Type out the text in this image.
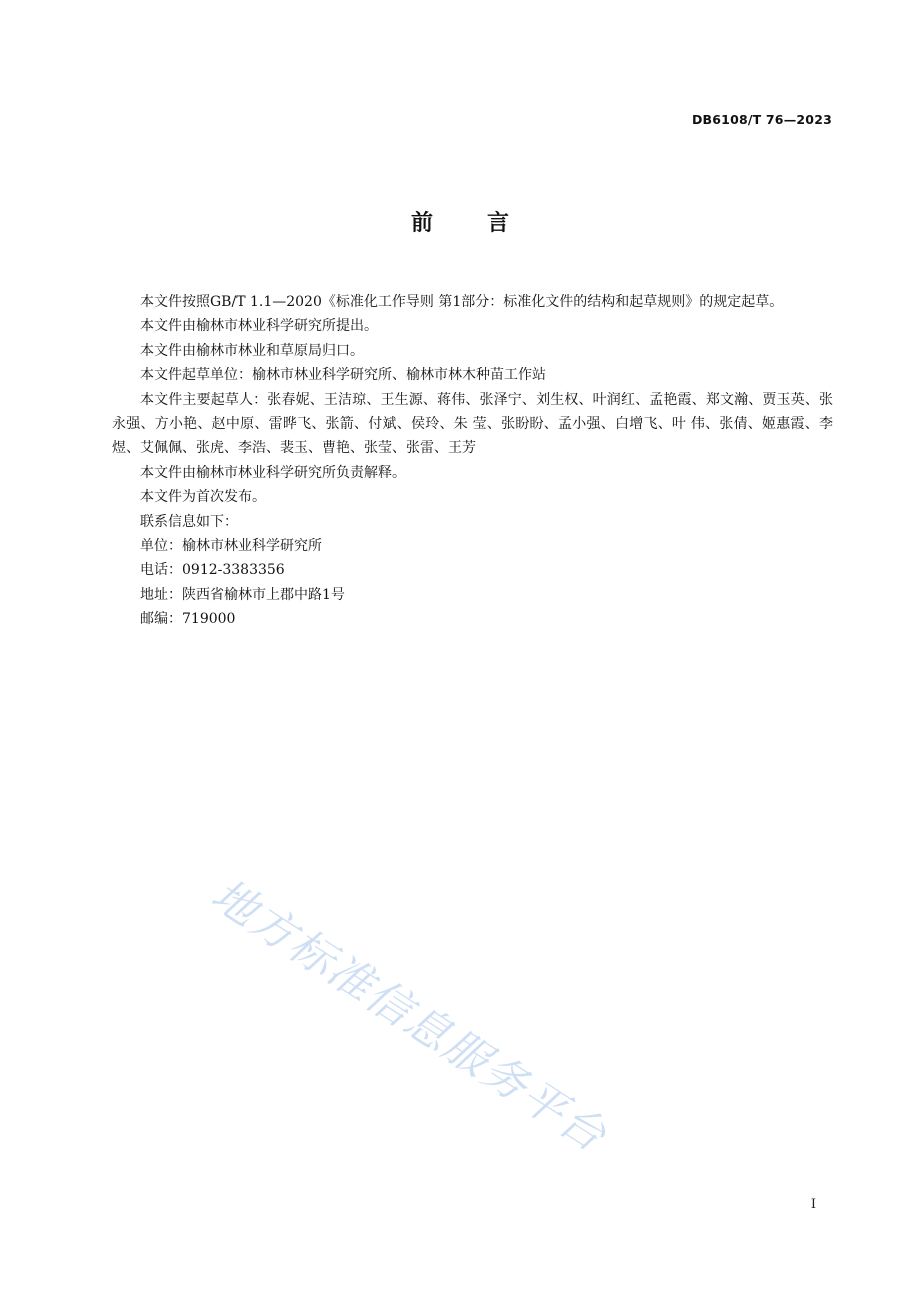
DB6108/T 76—2023
前言

本文件按照GB/T 1.1—2020《标准化工作导则 第1部分：标准化文件的结构和起草规则》的规定起草。

本文件由榆林市林业科学研究所提出。

本文件由榆林市林业和草原局归口。

本文件起草单位：榆林市林业科学研究所、榆林市林木种苗工作站

本文件主要起草人：张春妮、王洁琼、王生源、蒋伟、张泽宁、刘生权、叶润红、孟艳霞、郑文瀚、贾玉英、张永强、方小艳、赵中原、雷晔飞、张箭、付斌、侯玲、朱 莹、张盼盼、孟小强、白增飞、叶 伟、张倩、姬惠霞、李煜、艾佩佩、张虎、李浩、裴玉、曹艳、张莹、张雷、王芳

本文件由榆林市林业科学研究所负责解释。

本文件为首次发布。

联系信息如下：

单位：榆林市林业科学研究所

电话：0912-3383356

地址：陕西省榆林市上郡中路1号

邮编：719000

地方标准信息服务平台
I
